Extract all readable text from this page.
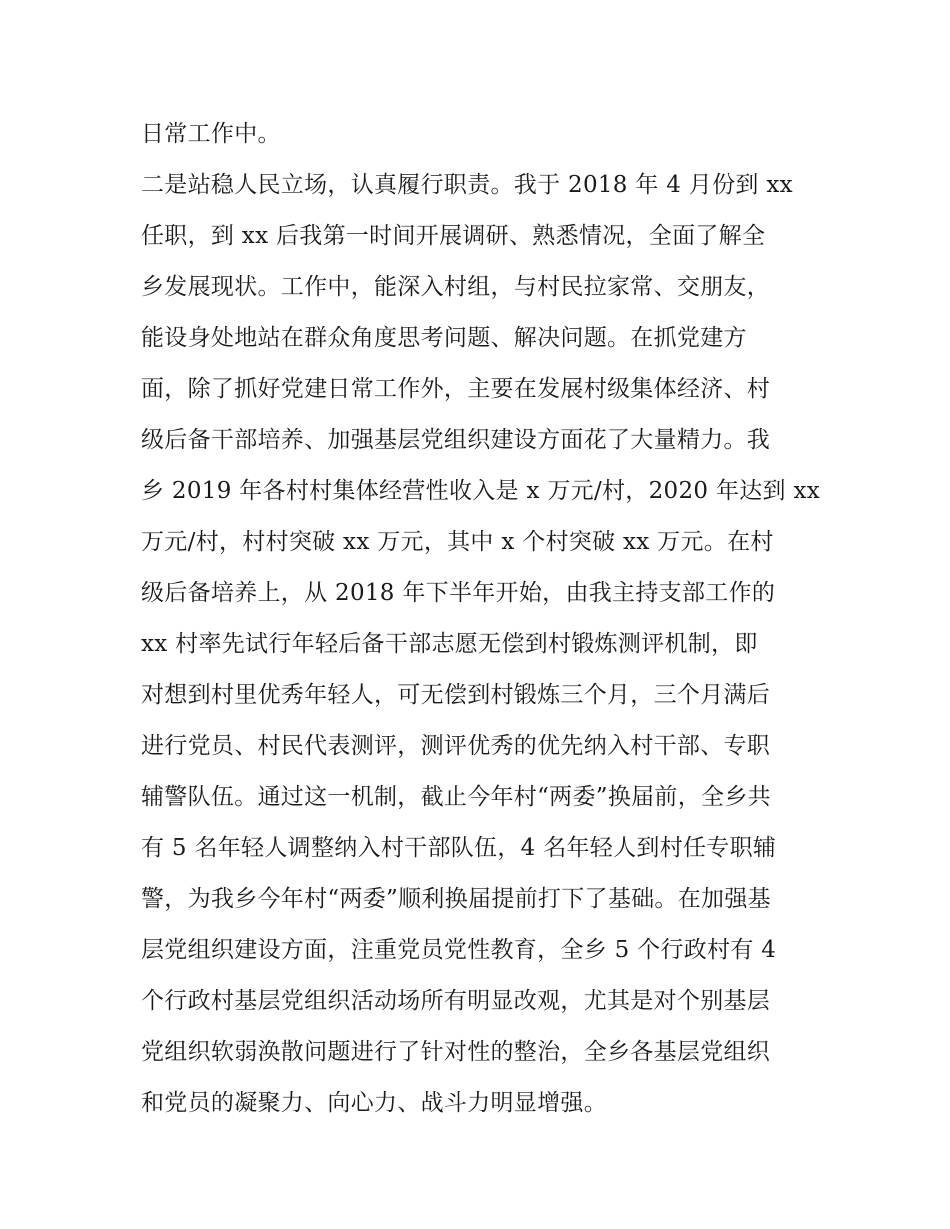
日常工作中。
二是站稳人民立场，认真履行职责。我于 2018 年 4 月份到 xx
任职，到 xx 后我第一时间开展调研、熟悉情况，全面了解全
乡发展现状。工作中，能深入村组，与村民拉家常、交朋友，
能设身处地站在群众角度思考问题、解决问题。在抓党建方
面，除了抓好党建日常工作外，主要在发展村级集体经济、村
级后备干部培养、加强基层党组织建设方面花了大量精力。我
乡 2019 年各村村集体经营性收入是 x 万元/村，2020 年达到 xx
万元/村，村村突破 xx 万元，其中 x 个村突破 xx 万元。在村
级后备培养上，从 2018 年下半年开始，由我主持支部工作的
xx 村率先试行年轻后备干部志愿无偿到村锻炼测评机制，即
对想到村里优秀年轻人，可无偿到村锻炼三个月，三个月满后
进行党员、村民代表测评，测评优秀的优先纳入村干部、专职
辅警队伍。通过这一机制，截止今年村“两委”换届前，全乡共
有 5 名年轻人调整纳入村干部队伍，4 名年轻人到村任专职辅
警，为我乡今年村“两委”顺利换届提前打下了基础。在加强基
层党组织建设方面，注重党员党性教育，全乡 5 个行政村有 4
个行政村基层党组织活动场所有明显改观，尤其是对个别基层
党组织软弱涣散问题进行了针对性的整治，全乡各基层党组织
和党员的凝聚力、向心力、战斗力明显增强。
